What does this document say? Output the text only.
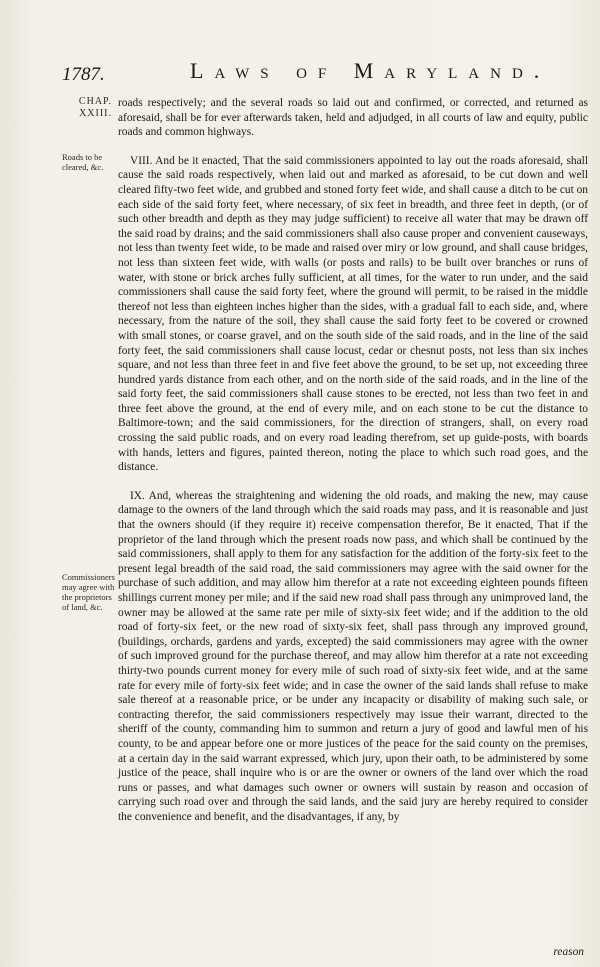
1787.	Laws of Maryland.
CHAP. XXIII.
Roads to be cleared, &c.
Commissioners may agree with the proprietors of land, &c.

roads respectively; and the several roads so laid out and confirmed, or corrected, and returned as aforesaid, shall be for ever afterwards taken, held and adjudged, in all courts of law and equity, public roads and common highways.

VIII. And be it enacted, That the said commissioners appointed to lay out the roads aforesaid, shall cause the said roads respectively, when laid out and marked as aforesaid, to be cut down and well cleared fifty-two feet wide, and grubbed and stoned forty feet wide, and shall cause a ditch to be cut on each side of the said forty feet, where necessary, of six feet in breadth, and three feet in depth, (or of such other breadth and depth as they may judge sufficient) to receive all water that may be drawn off the said road by drains; and the said commissioners shall also cause proper and convenient causeways, not less than twenty feet wide, to be made and raised over miry or low ground, and shall cause bridges, not less than sixteen feet wide, with walls (or posts and rails) to be built over branches or runs of water, with stone or brick arches fully sufficient, at all times, for the water to run under, and the said commissioners shall cause the said forty feet, where the ground will permit, to be raised in the middle thereof not less than eighteen inches higher than the sides, with a gradual fall to each side, and, where necessary, from the nature of the soil, they shall cause the said forty feet to be covered or crowned with small stones, or coarse gravel, and on the south side of the said roads, and in the line of the said forty feet, the said commissioners shall cause locust, cedar or chesnut posts, not less than six inches square, and not less than three feet in and five feet above the ground, to be set up, not exceeding three hundred yards distance from each other, and on the north side of the said roads, and in the line of the said forty feet, the said commissioners shall cause stones to be erected, not less than two feet in and three feet above the ground, at the end of every mile, and on each stone to be cut the distance to Baltimore-town; and the said commissioners, for the direction of strangers, shall, on every road crossing the said public roads, and on every road leading therefrom, set up guide-posts, with boards with hands, letters and figures, painted thereon, noting the place to which such road goes, and the distance.

IX. And, whereas the straightening and widening the old roads, and making the new, may cause damage to the owners of the land through which the said roads may pass, and it is reasonable and just that the owners should (if they require it) receive compensation therefor, Be it enacted, That if the proprietor of the land through which the present roads now pass, and which shall be continued by the said commissioners, shall apply to them for any satisfaction for the addition of the forty-six feet to the present legal breadth of the said road, the said commissioners may agree with the said owner for the purchase of such addition, and may allow him therefor at a rate not exceeding eighteen pounds fifteen shillings current money per mile; and if the said new road shall pass through any unimproved land, the owner may be allowed at the same rate per mile of sixty-six feet wide; and if the addition to the old road of forty-six feet, or the new road of sixty-six feet, shall pass through any improved ground, (buildings, orchards, gardens and yards, excepted) the said commissioners may agree with the owner of such improved ground for the purchase thereof, and may allow him therefor at a rate not exceeding thirty-two pounds current money for every mile of such road of sixty-six feet wide, and at the same rate for every mile of forty-six feet wide; and in case the owner of the said lands shall refuse to make sale thereof at a reasonable price, or be under any incapacity or disability of making such sale, or contracting therefor, the said commissioners respectively may issue their warrant, directed to the sheriff of the county, commanding him to summon and return a jury of good and lawful men of his county, to be and appear before one or more justices of the peace for the said county on the premises, at a certain day in the said warrant expressed, which jury, upon their oath, to be administered by some justice of the peace, shall inquire who is or are the owner or owners of the land over which the road runs or passes, and what damages such owner or owners will sustain by reason and occasion of carrying such road over and through the said lands, and the said jury are hereby required to consider the convenience and benefit, and the disadvantages, if any, by

reason
